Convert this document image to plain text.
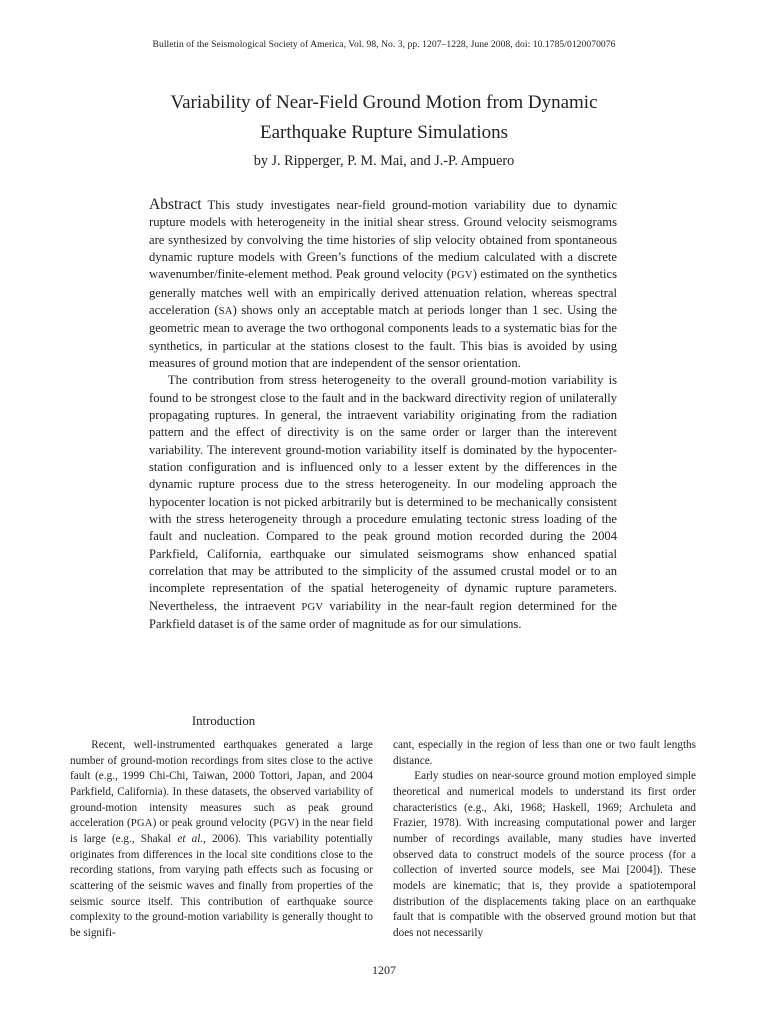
Bulletin of the Seismological Society of America, Vol. 98, No. 3, pp. 1207–1228, June 2008, doi: 10.1785/0120070076
Variability of Near-Field Ground Motion from Dynamic
Earthquake Rupture Simulations
by J. Ripperger, P. M. Mai, and J.-P. Ampuero

Abstract This study investigates near-field ground-motion variability due to dynamic rupture models with heterogeneity in the initial shear stress. Ground velocity seismograms are synthesized by convolving the time histories of slip velocity obtained from spontaneous dynamic rupture models with Green’s functions of the medium calculated with a discrete wavenumber/finite-element method. Peak ground velocity (PGV) estimated on the synthetics generally matches well with an empirically derived attenuation relation, whereas spectral acceleration (SA) shows only an acceptable match at periods longer than 1 sec. Using the geometric mean to average the two orthogonal components leads to a systematic bias for the synthetics, in particular at the stations closest to the fault. This bias is avoided by using measures of ground motion that are independent of the sensor orientation.

The contribution from stress heterogeneity to the overall ground-motion variability is found to be strongest close to the fault and in the backward directivity region of unilaterally propagating ruptures. In general, the intraevent variability originating from the radiation pattern and the effect of directivity is on the same order or larger than the interevent variability. The interevent ground-motion variability itself is dominated by the hypocenter-station configuration and is influenced only to a lesser extent by the differences in the dynamic rupture process due to the stress heterogeneity. In our modeling approach the hypocenter location is not picked arbitrarily but is determined to be mechanically consistent with the stress heterogeneity through a procedure emulating tectonic stress loading of the fault and nucleation. Compared to the peak ground motion recorded during the 2004 Parkfield, California, earthquake our simulated seismograms show enhanced spatial correlation that may be attributed to the simplicity of the assumed crustal model or to an incomplete representation of the spatial heterogeneity of dynamic rupture parameters. Nevertheless, the intraevent PGV variability in the near-fault region determined for the Parkfield dataset is of the same order of magnitude as for our simulations.

Introduction

Recent, well-instrumented earthquakes generated a large number of ground-motion recordings from sites close to the active fault (e.g., 1999 Chi-Chi, Taiwan, 2000 Tottori, Japan, and 2004 Parkfield, California). In these datasets, the observed variability of ground-motion intensity measures such as peak ground acceleration (PGA) or peak ground velocity (PGV) in the near field is large (e.g., Shakal et al., 2006). This variability potentially originates from differences in the local site conditions close to the recording stations, from varying path effects such as focusing or scattering of the seismic waves and finally from properties of the seismic source itself. This contribution of earthquake source complexity to the ground-motion variability is generally thought to be signifi-

cant, especially in the region of less than one or two fault lengths distance.

Early studies on near-source ground motion employed simple theoretical and numerical models to understand its first order characteristics (e.g., Aki, 1968; Haskell, 1969; Archuleta and Frazier, 1978). With increasing computational power and larger number of recordings available, many studies have inverted observed data to construct models of the source process (for a collection of inverted source models, see Mai [2004]). These models are kinematic; that is, they provide a spatiotemporal distribution of the displacements taking place on an earthquake fault that is compatible with the observed ground motion but that does not necessarily

1207
